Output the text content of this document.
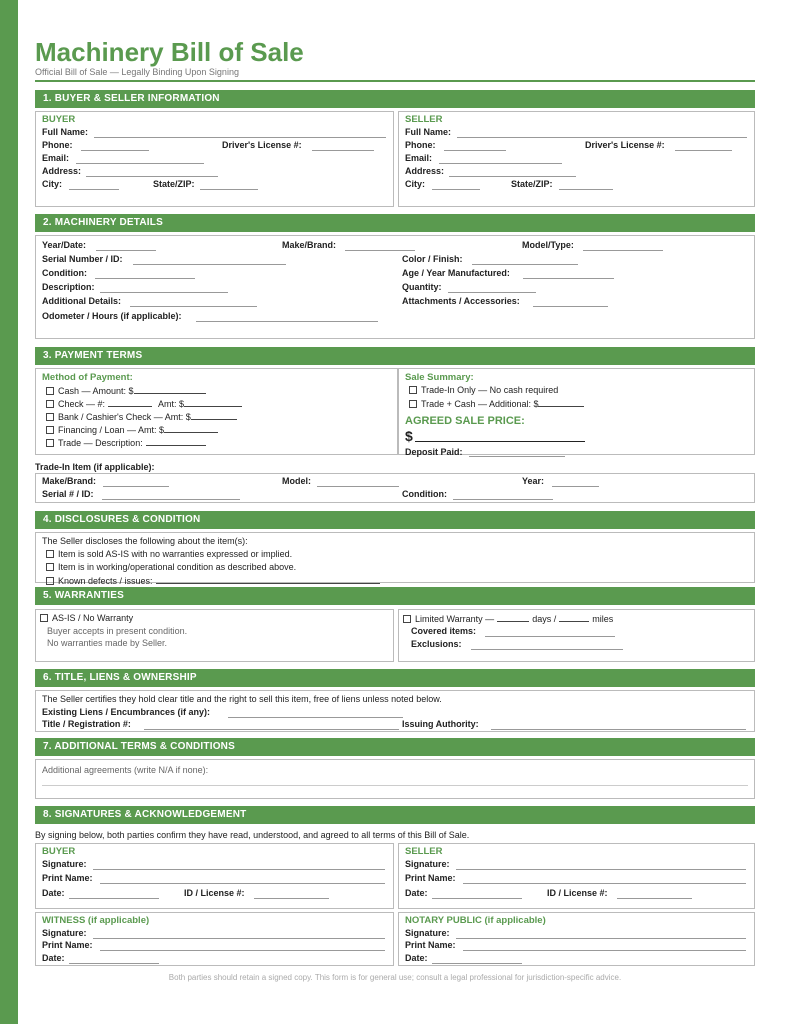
Machinery Bill of Sale
Official Bill of Sale — Legally Binding Upon Signing
1. BUYER & SELLER INFORMATION
BUYER
Full Name:
Phone:	Driver's License #:
Email:
Address:
City:	State/ZIP:
SELLER
Full Name:
Phone:	Driver's License #:
Email:
Address:
City:	State/ZIP:
2. MACHINERY DETAILS
Year/Date:	Make/Brand:	Model/Type:
Serial Number / ID:	Color / Finish:
Condition:	Age / Year Manufactured:
Description:	Quantity:
Additional Details:	Attachments / Accessories:
Odometer / Hours (if applicable):
3. PAYMENT TERMS
Method of Payment:
Cash — Amount: $
Check — #:	Amt: $
Bank / Cashier's Check — Amt: $
Financing / Loan — Amt: $
Trade — Description:
Sale Summary:
Trade-In Only — No cash required
Trade + Cash — Additional: $
AGREED SALE PRICE:
$
Deposit Paid:
Trade-In Item (if applicable):
Make/Brand:	Model:	Year:
Serial # / ID:	Condition:
4. DISCLOSURES & CONDITION
The Seller discloses the following about the item(s):
Item is sold AS-IS with no warranties expressed or implied.
Item is in working/operational condition as described above.
Known defects / issues:
5. WARRANTIES
AS-IS / No Warranty
Buyer accepts in present condition.
No warranties made by Seller.
Limited Warranty —	days /	miles
Covered items:
Exclusions:
6. TITLE, LIENS & OWNERSHIP
The Seller certifies they hold clear title and the right to sell this item, free of liens unless noted below.
Existing Liens / Encumbrances (if any):
Title / Registration #:	Issuing Authority:
7. ADDITIONAL TERMS & CONDITIONS
Additional agreements (write N/A if none):
8. SIGNATURES & ACKNOWLEDGEMENT
By signing below, both parties confirm they have read, understood, and agreed to all terms of this Bill of Sale.
BUYER
Signature:
Print Name:
Date:	ID / License #:
SELLER
Signature:
Print Name:
Date:	ID / License #:
WITNESS (if applicable)
Signature:
Print Name:
Date:
NOTARY PUBLIC (if applicable)
Signature:
Print Name:
Date:
Both parties should retain a signed copy. This form is for general use; consult a legal professional for jurisdiction-specific advice.
